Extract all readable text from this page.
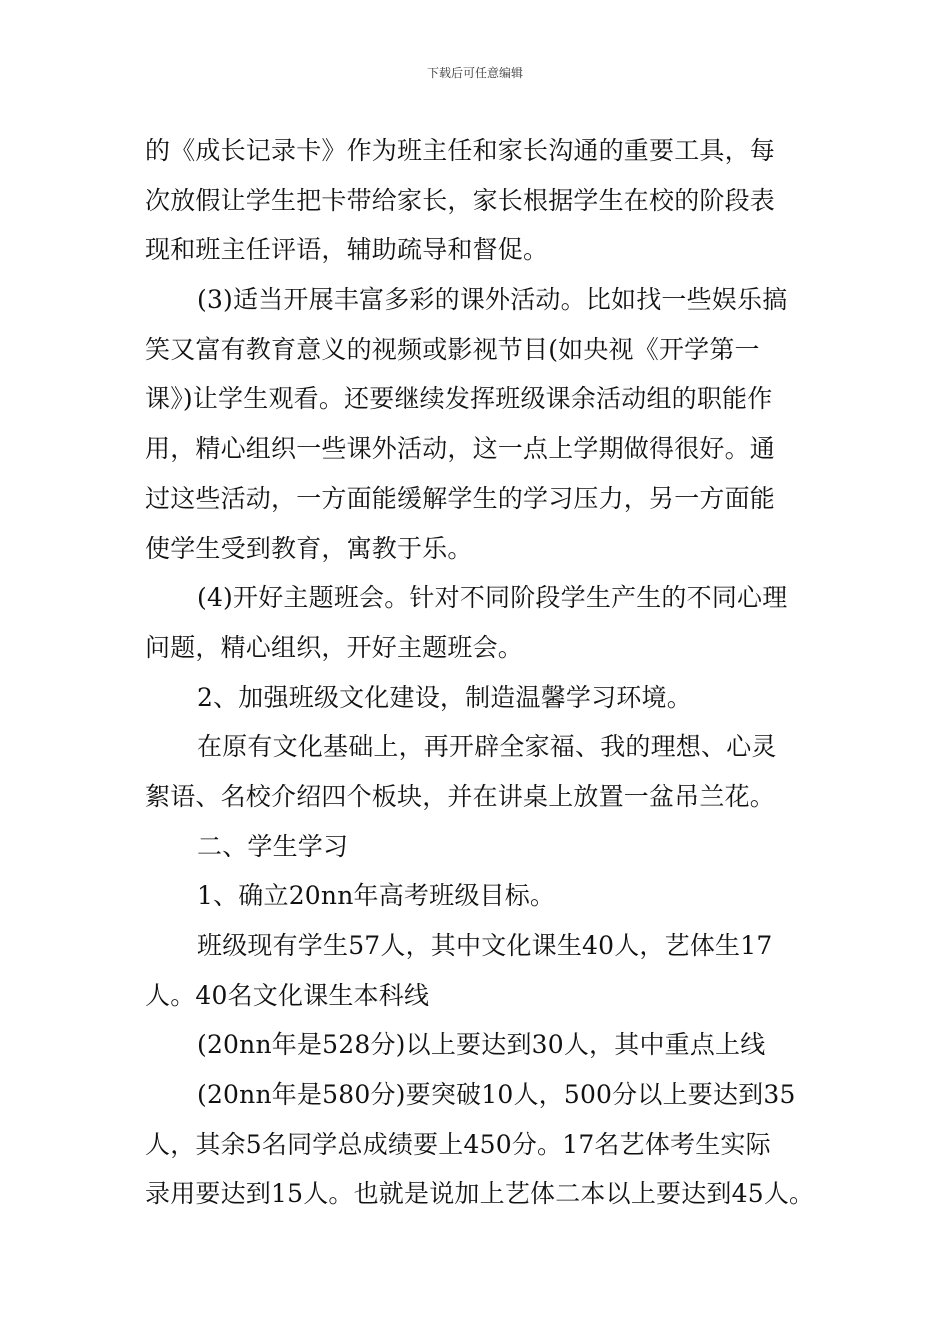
下载后可任意编辑
的《成长记录卡》作为班主任和家长沟通的重要工具，每
次放假让学生把卡带给家长，家长根据学生在校的阶段表
现和班主任评语，辅助疏导和督促。
(3)适当开展丰富多彩的课外活动。比如找一些娱乐搞
笑又富有教育意义的视频或影视节目(如央视《开学第一
课》)让学生观看。还要继续发挥班级课余活动组的职能作
用，精心组织一些课外活动，这一点上学期做得很好。通
过这些活动，一方面能缓解学生的学习压力，另一方面能
使学生受到教育，寓教于乐。
(4)开好主题班会。针对不同阶段学生产生的不同心理
问题，精心组织，开好主题班会。
2、加强班级文化建设，制造温馨学习环境。
在原有文化基础上，再开辟全家福、我的理想、心灵
絮语、名校介绍四个板块，并在讲桌上放置一盆吊兰花。
二、学生学习
1、确立20nn年高考班级目标。
班级现有学生57人，其中文化课生40人，艺体生17
人。40名文化课生本科线
(20nn年是528分)以上要达到30人，其中重点上线
(20nn年是580分)要突破10人，500分以上要达到35
人，其余5名同学总成绩要上450分。17名艺体考生实际
录用要达到15人。也就是说加上艺体二本以上要达到45人。
